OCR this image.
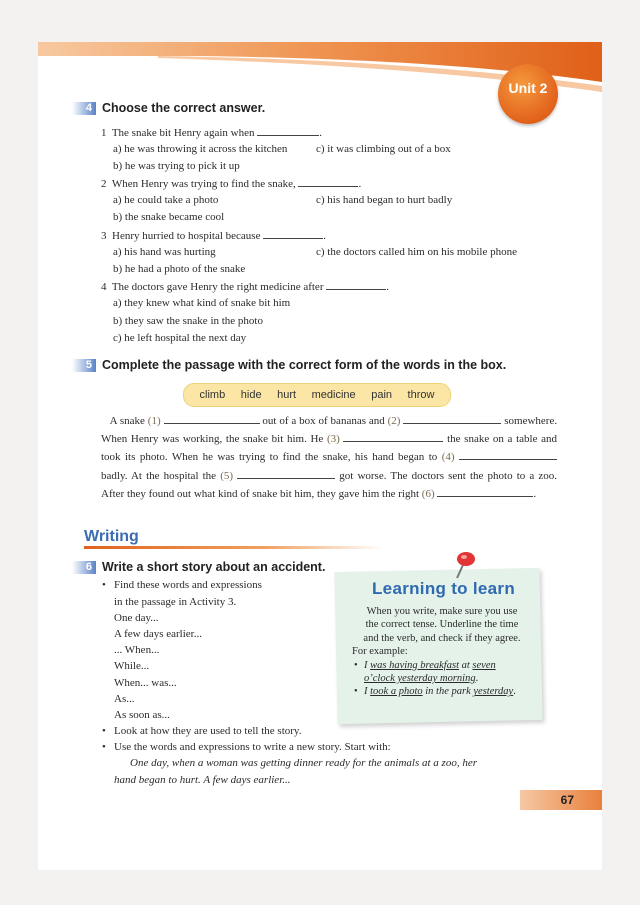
Unit 2
4 Choose the correct answer.
1 The snake bit Henry again when	.
a) he was throwing it across the kitchen	c) it was climbing out of a box
b) he was trying to pick it up
2 When Henry was trying to find the snake,	.
a) he could take a photo	c) his hand began to hurt badly
b) the snake became cool
3 Henry hurried to hospital because	.
a) his hand was hurting	c) the doctors called him on his mobile phone
b) he had a photo of the snake
4 The doctors gave Henry the right medicine after	.
a) they knew what kind of snake bit him
b) they saw the snake in the photo
c) he left hospital the next day
5 Complete the passage with the correct form of the words in the box.
climb hide hurt medicine pain throw
A snake (1)	out of a box of bananas and (2)	somewhere. When Henry was working, the snake bit him. He (3)	the snake on a table and took its photo. When he was trying to find the snake, his hand began to (4)  badly. At the hospital the (5)	got worse. The doctors sent the photo to a zoo. After they found out what kind of snake bit him, they gave him the right (6)	.
Writing
6 Write a short story about an accident.
• Find these words and expressions
in the passage in Activity 3.
One day...
A few days earlier...
... When...
While...
When... was...
As...
As soon as...
• Look at how they are used to tell the story.
• Use the words and expressions to write a new story. Start with:
One day, when a woman was getting dinner ready for the animals at a zoo, her
hand began to hurt. A few days earlier...
Learning to learn
When you write, make sure you use
the correct tense. Underline the time
and the verb, and check if they agree.
For example:
• I was having breakfast at seven
o’clock yesterday morning.
• I took a photo in the park yesterday.
67
